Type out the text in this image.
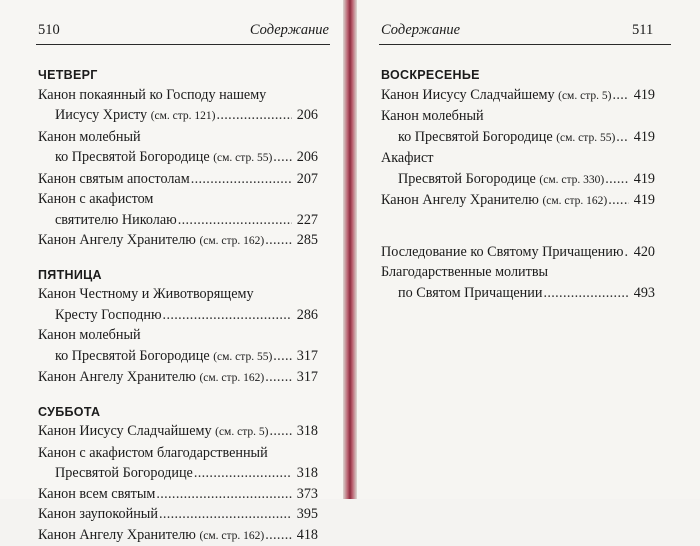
510	Содержание
ЧЕТВЕРГ
Канон покаянный ко Господу нашему
Иисусу Христу
(см. стр. 121) . . .	206
Канон молебный
ко Пресвятой Богородице
(см. стр. 55) . . . 206
Канон святым апостолам . . .	207
Канон с акафистом
святителю Николаю . . .	227
Канон Ангелу Хранителю
(см. стр. 162) . . . 285
ПЯТНИЦА
Канон Честному и Животворящему
Кресту Господню . . .	286
Канон молебный
ко Пресвятой Богородице
(см. стр. 55) . . . 317
Канон Ангелу Хранителю
(см. стр. 162) . . . 317
СУББОТА
Канон Иисусу Сладчайшему
(см. стр. 5) . . . 318
Канон с акафистом благодарственный
Пресвятой Богородице . . .	318
Канон всем святым . . .	373
Канон заупокойный . . .	395
Канон Ангелу Хранителю
(см. стр. 162) . . . 418
Содержание	511
ВОСКРЕСЕНЬЕ
Канон Иисусу Сладчайшему
(см. стр. 5) . . . 419
Канон молебный
ко Пресвятой Богородице
(см. стр. 55) . . . 419
Акафист
Пресвятой Богородице
(см. стр. 330) . . . 419
Канон Ангелу Хранителю
(см. стр. 162) . . . 419
Последование ко Святому Причащению . . . 420
Благодарственные молитвы
по Святом Причащении . . .	493
